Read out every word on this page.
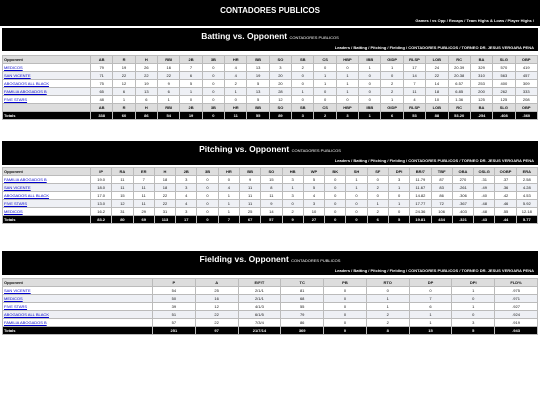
CONTADORES PUBLICOS
Games / vs Opp / Recaps / Team Highs & Lows / Player Highs /
Batting vs. Opponent CONTADORES PUBLICOS
Leaders / Batting / Pitching / Fielding / CONTADORES PUBLICOS / TORNEO DR. JESUS VERGARA PENA
Opponent	AB	R	H	RBI	2B	3B	HR	BB	SO	SB	CS	HBP	IBB	GIDP	RLSP	LOB	RC	BA	SLG	OBP
MEDICOS	79	19	26	16	7	0	4	13	3	2	0	0	1	1	17	24	20.39	329	570	419
SAN VICENTE	71	22	22	22	6	0	4	19	20	0	1	1	0	0	14	22	20.38	310	563	457
ABOGADOS ALL BLACK	75	12	19	9	5	0	2	5	20	0	1	1	0	2	7	14	6.57	253	400	309
FAMILIA ABOGADOS B	65	6	13	6	1	0	1	13	28	1	0	1	0	2	11	18	6.85	200	262	333
FIVE STARS	48	1	6	1	0	0	0	5	12	0	0	0	0	1	4	10	1.36	125	125	208
	AB	R	H	RBI	2B	3B	HR	BB	SO	SB	CS	HBP	IBB	GIDP	RLSP	LOB	RC	BA	SLG	OBP
Totals	338	60	86	54	19	0	11	55	89	3	2	3	1	6	53	88	53.20	.254	.408	.360
Pitching vs. Opponent CONTADORES PUBLICOS
Leaders / Batting / Pitching / Fielding / CONTADORES PUBLICOS / TORNEO DR. JESUS VERGARA PENA
Opponent	IP	RA	ER	H	2B	3B	HR	BB	SO	HB	WP	BK	SH	SF	DPI	BR/7	TBF	OBA	OSLG	OOBP	ERA
FAMILIA ABOGADOS B	19.0	11	7	18	3	0	0	9	15	3	5	0	1	0	3	11.79	87	270	.31	.37	2.58
SAN VICENTE	18.0	11	11	18	3	0	4	11	8	1	5	0	1	2	1	11.67	83	.261	.49	.36	4.28
ABOGADOS ALL BLACK	17.0	15	11	22	4	0	1	11	11	3	4	0	0	0	0	14.82	86	.306	.40	.42	4.53
FIVE STARS	13.0	12	11	22	4	0	1	11	9	0	3	0	0	1	1	17.77	72	.367	.48	.46	5.92
MEDICOS	16.2	31	29	31	3	0	1	25	14	2	10	0	0	2	0	24.36	106	.403	.48	.55	12.18
Totals	83.2	80	69	113	17	0	7	67	57	9	27	0	0	6	5	19.81	434	.321	.43	.44	5.77
Fielding vs. Opponent CONTADORES PUBLICOS
Leaders / Batting / Pitching / Fielding / CONTADORES PUBLICOS / TORNEO DR. JESUS VERGARA PENA
Opponent	P	A	E/F/T	TC	PB	RTO	DP	DPI	FLD%
SAN VICENTE	54	25	2/1/1	81	0	0	0	1	.975
MEDICOS	50	16	2/1/1	68	0	1	7	0	.971
FIVE STARS	39	12	4/1/3	55	0	1	6	1	.927
ABOGADOS ALL BLACK	51	22	6/1/5	79	0	2	1	0	.924
FAMILIA ABOGADOS B	57	22	7/3/4	86	0	2	1	3	.919
Totals	251	97	21/7/14	369	0	8	15	5	.943
